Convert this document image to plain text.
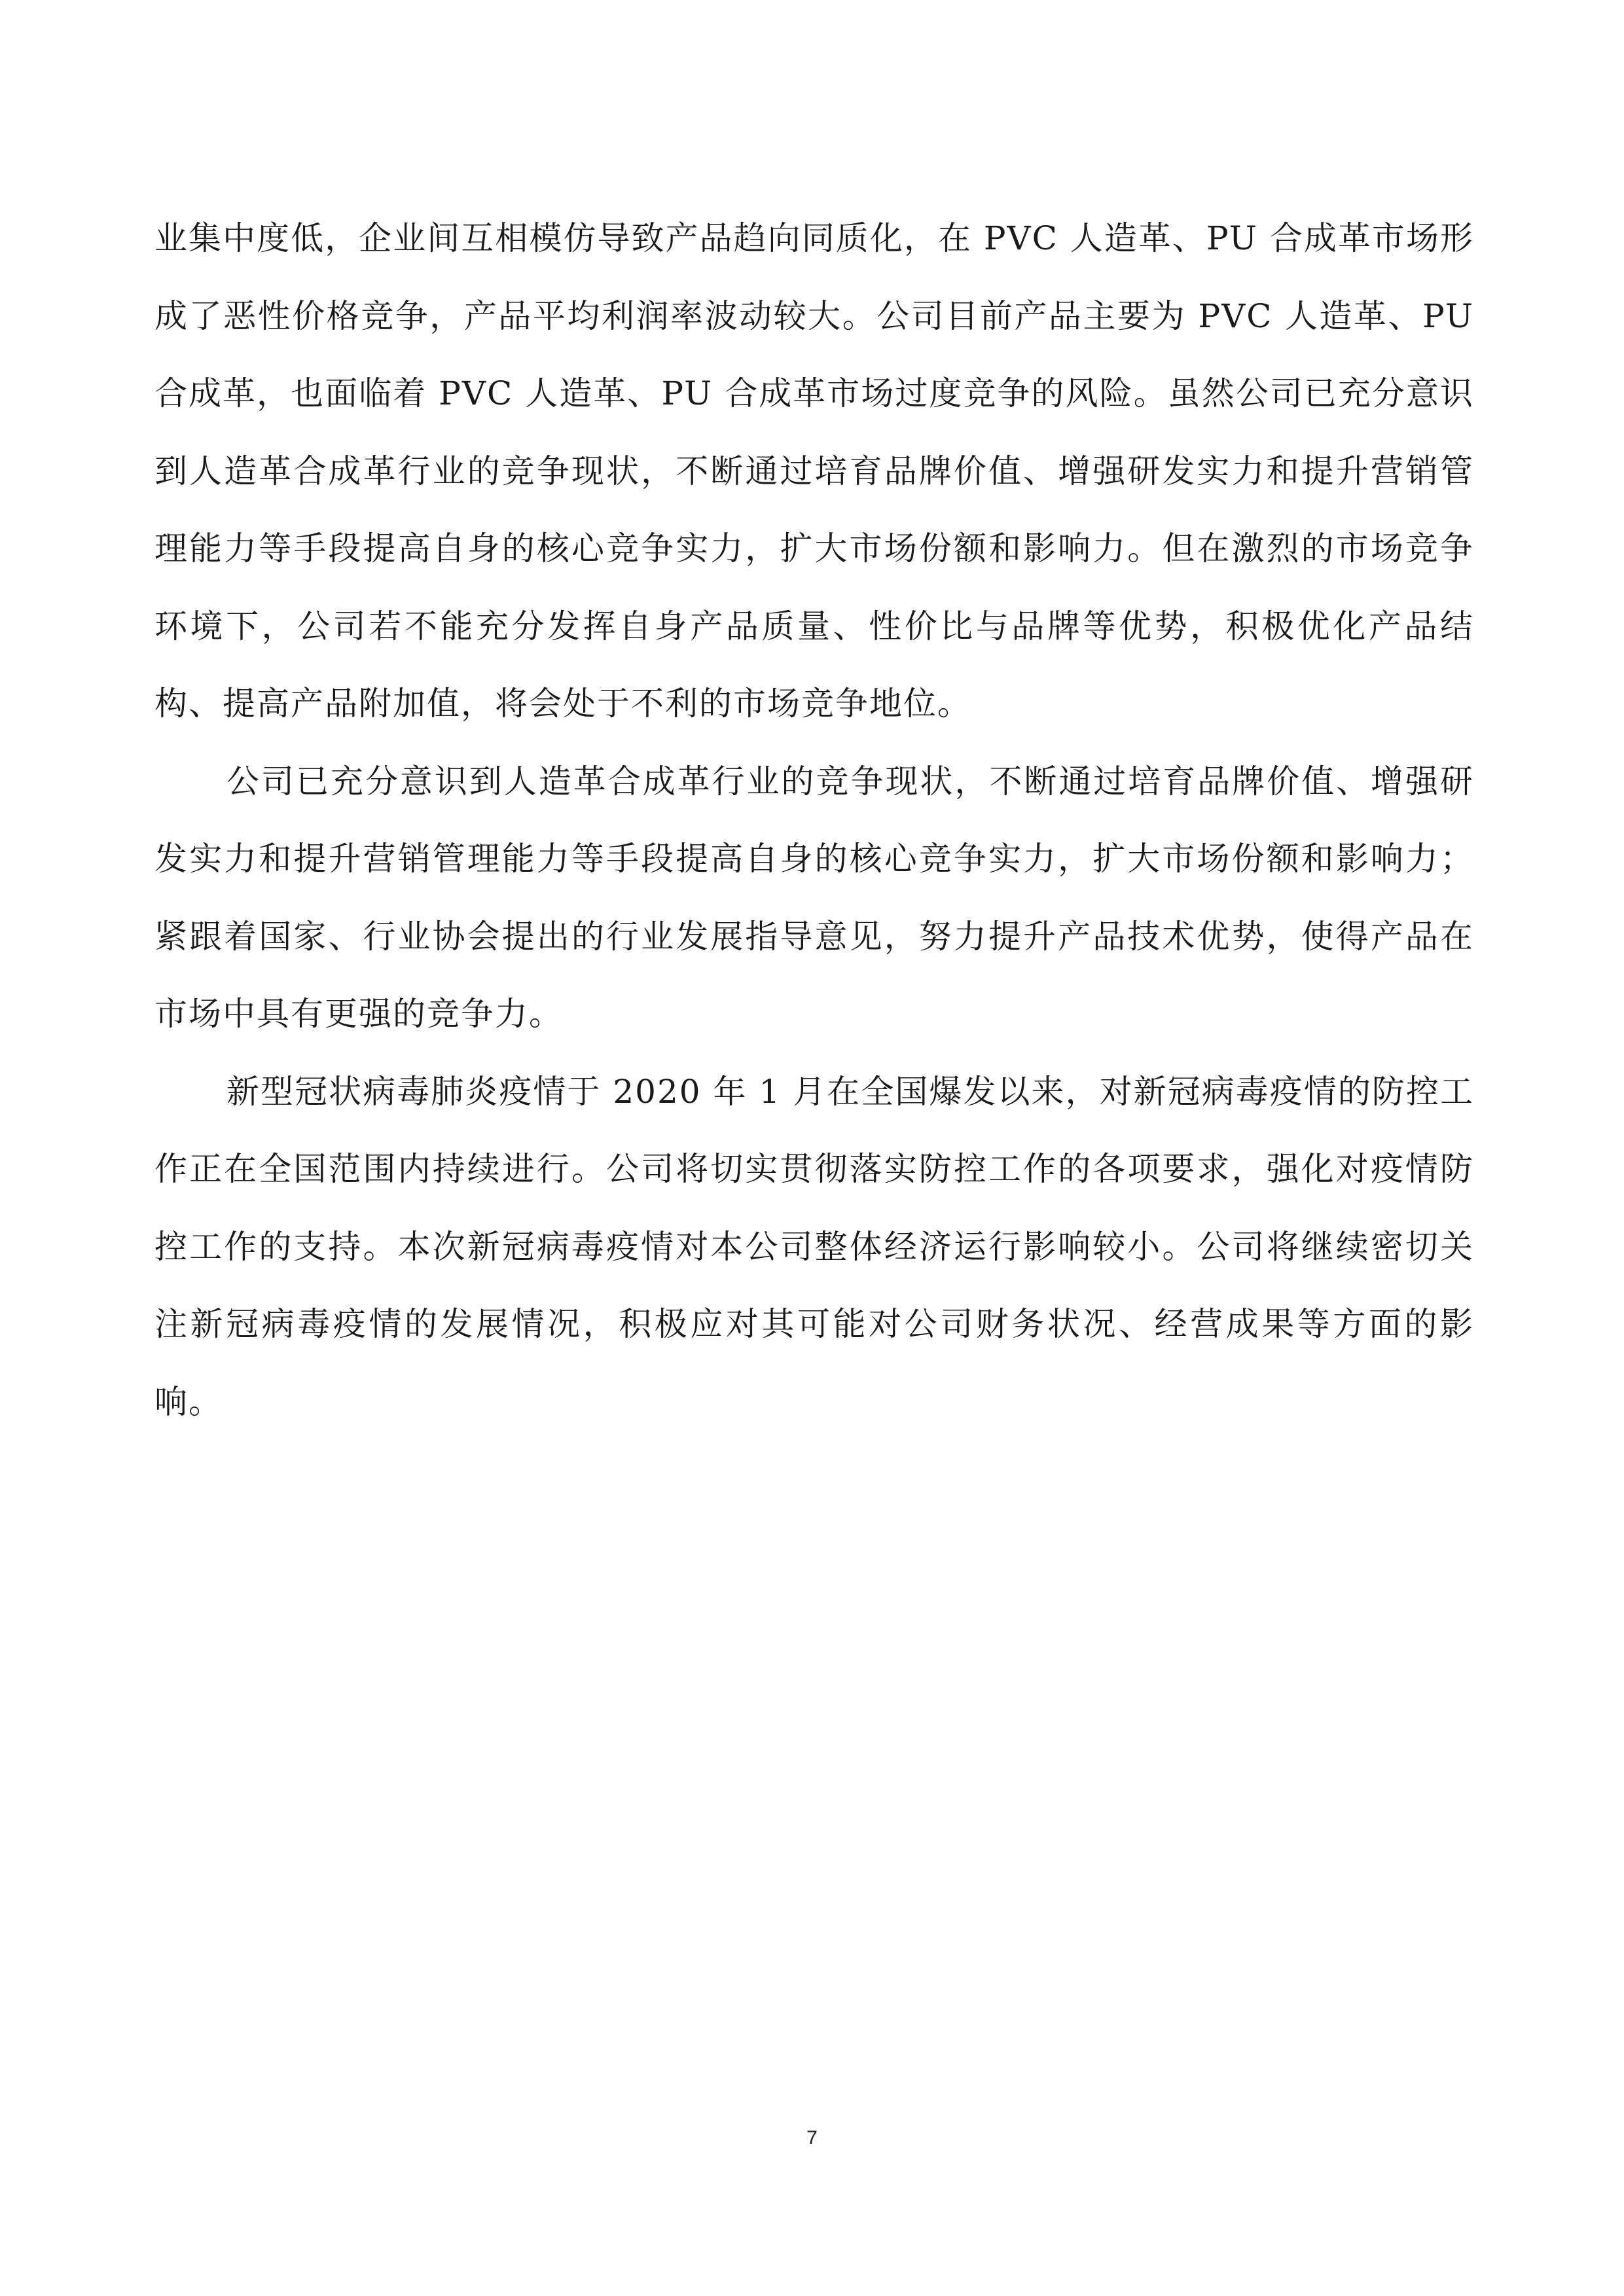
业集中度低，企业间互相模仿导致产品趋向同质化，在 PVC 人造革、PU 合成革市场形成了恶性价格竞争，产品平均利润率波动较大。公司目前产品主要为 PVC 人造革、PU 合成革，也面临着 PVC 人造革、PU 合成革市场过度竞争的风险。虽然公司已充分意识到人造革合成革行业的竞争现状，不断通过培育品牌价值、增强研发实力和提升营销管理能力等手段提高自身的核心竞争实力，扩大市场份额和影响力。但在激烈的市场竞争环境下，公司若不能充分发挥自身产品质量、性价比与品牌等优势，积极优化产品结构、提高产品附加值，将会处于不利的市场竞争地位。

公司已充分意识到人造革合成革行业的竞争现状，不断通过培育品牌价值、增强研发实力和提升营销管理能力等手段提高自身的核心竞争实力，扩大市场份额和影响力；紧跟着国家、行业协会提出的行业发展指导意见，努力提升产品技术优势，使得产品在市场中具有更强的竞争力。

新型冠状病毒肺炎疫情于 2020 年 1 月在全国爆发以来，对新冠病毒疫情的防控工作正在全国范围内持续进行。公司将切实贯彻落实防控工作的各项要求，强化对疫情防控工作的支持。本次新冠病毒疫情对本公司整体经济运行影响较小。公司将继续密切关注新冠病毒疫情的发展情况，积极应对其可能对公司财务状况、经营成果等方面的影响。

7
